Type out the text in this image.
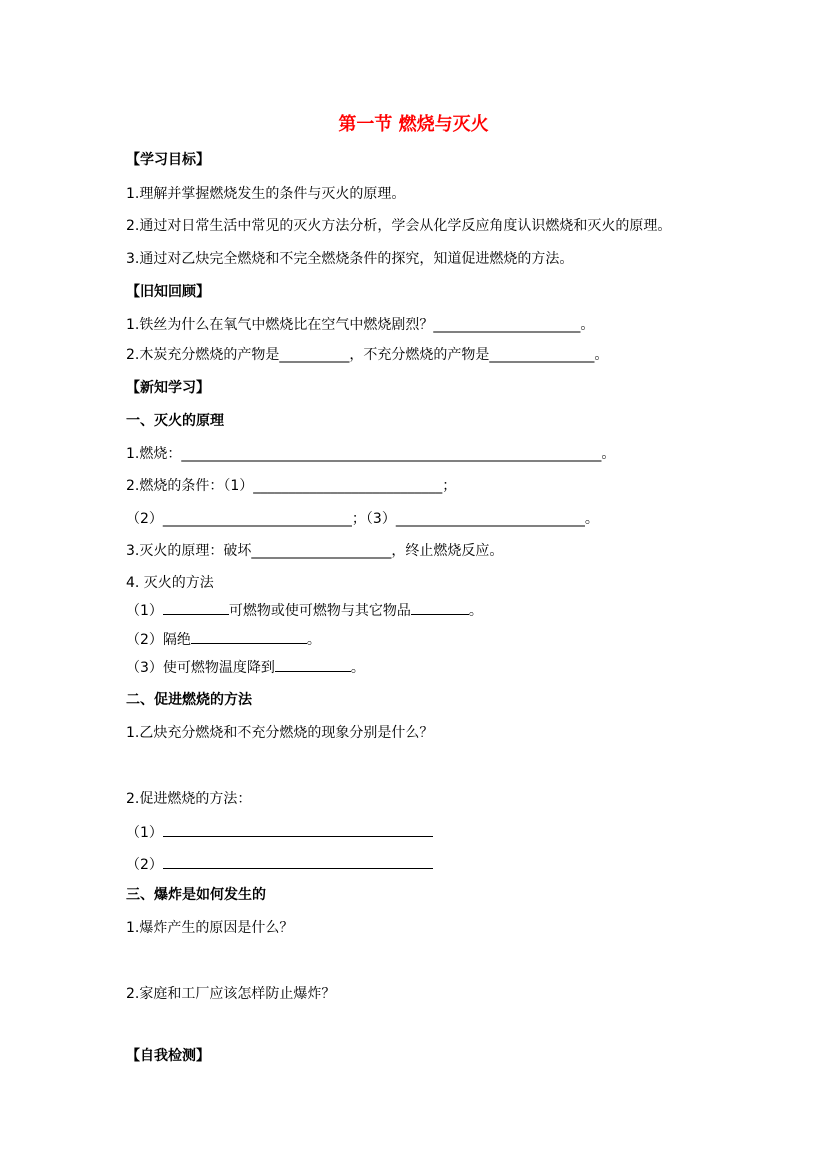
第一节 燃烧与灭火
【学习目标】
1.理解并掌握燃烧发生的条件与灭火的原理。
2.通过对日常生活中常见的灭火方法分析，学会从化学反应角度认识燃烧和灭火的原理。
3.通过对乙炔完全燃烧和不完全燃烧条件的探究，知道促进燃烧的方法。
【旧知回顾】
1.铁丝为什么在氧气中燃烧比在空气中燃烧剧烈？_____________________。
2.木炭充分燃烧的产物是__________，不充分燃烧的产物是_______________。
【新知学习】
一、灭火的原理
1.燃烧：____________________________________________________________。
2.燃烧的条件：（1）___________________________；
（2）___________________________；（3）___________________________。
3.灭火的原理：破坏____________________，终止燃烧反应。
4. 灭火的方法
（1）	可燃物或使可燃物与其它物品	。
（2）隔绝	。
（3）使可燃物温度降到	。
二、促进燃烧的方法
1.乙炔充分燃烧和不充分燃烧的现象分别是什么？
2.促进燃烧的方法：
（1）
（2）
三、爆炸是如何发生的
1.爆炸产生的原因是什么？
2.家庭和工厂应该怎样防止爆炸？
【自我检测】
